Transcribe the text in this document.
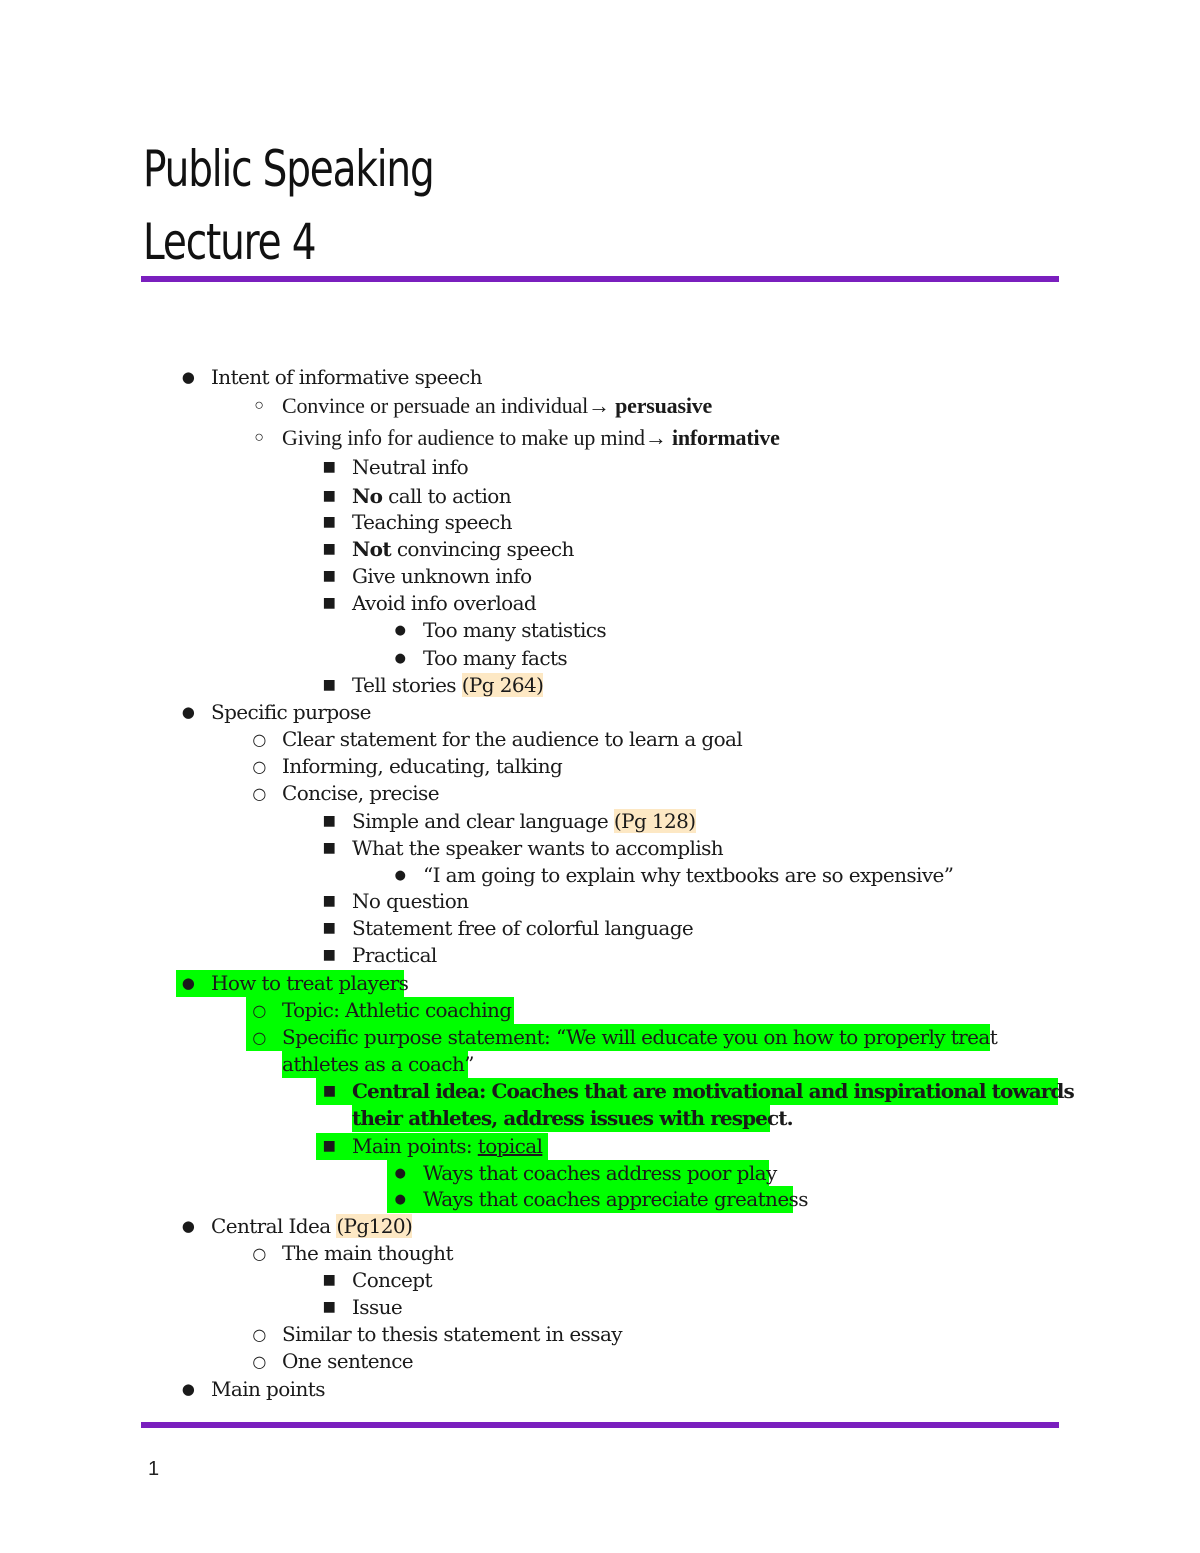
Public Speaking
Lecture 4
● Intent of informative speech
○ Convince or persuade an individual→ persuasive
○ Giving info for audience to make up mind→ informative
■ Neutral info
■ No call to action
■ Teaching speech
■ Not convincing speech
■ Give unknown info
■ Avoid info overload
● Too many statistics
● Too many facts
■ Tell stories (Pg 264)
● Specific purpose
○ Clear statement for the audience to learn a goal
○ Informing, educating, talking
○ Concise, precise
■ Simple and clear language (Pg 128)
■ What the speaker wants to accomplish
● “I am going to explain why textbooks are so expensive”
■ No question
■ Statement free of colorful language
■ Practical
● How to treat players
○ Topic: Athletic coaching
○ Specific purpose statement: “We will educate you on how to properly treat
athletes as a coach”
■ Central idea: Coaches that are motivational and inspirational towards
their athletes, address issues with respect.
■ Main points: topical
● Ways that coaches address poor play
● Ways that coaches appreciate greatness
● Central Idea (Pg120)
○ The main thought
■ Concept
■ Issue
○ Similar to thesis statement in essay
○ One sentence
● Main points
1
